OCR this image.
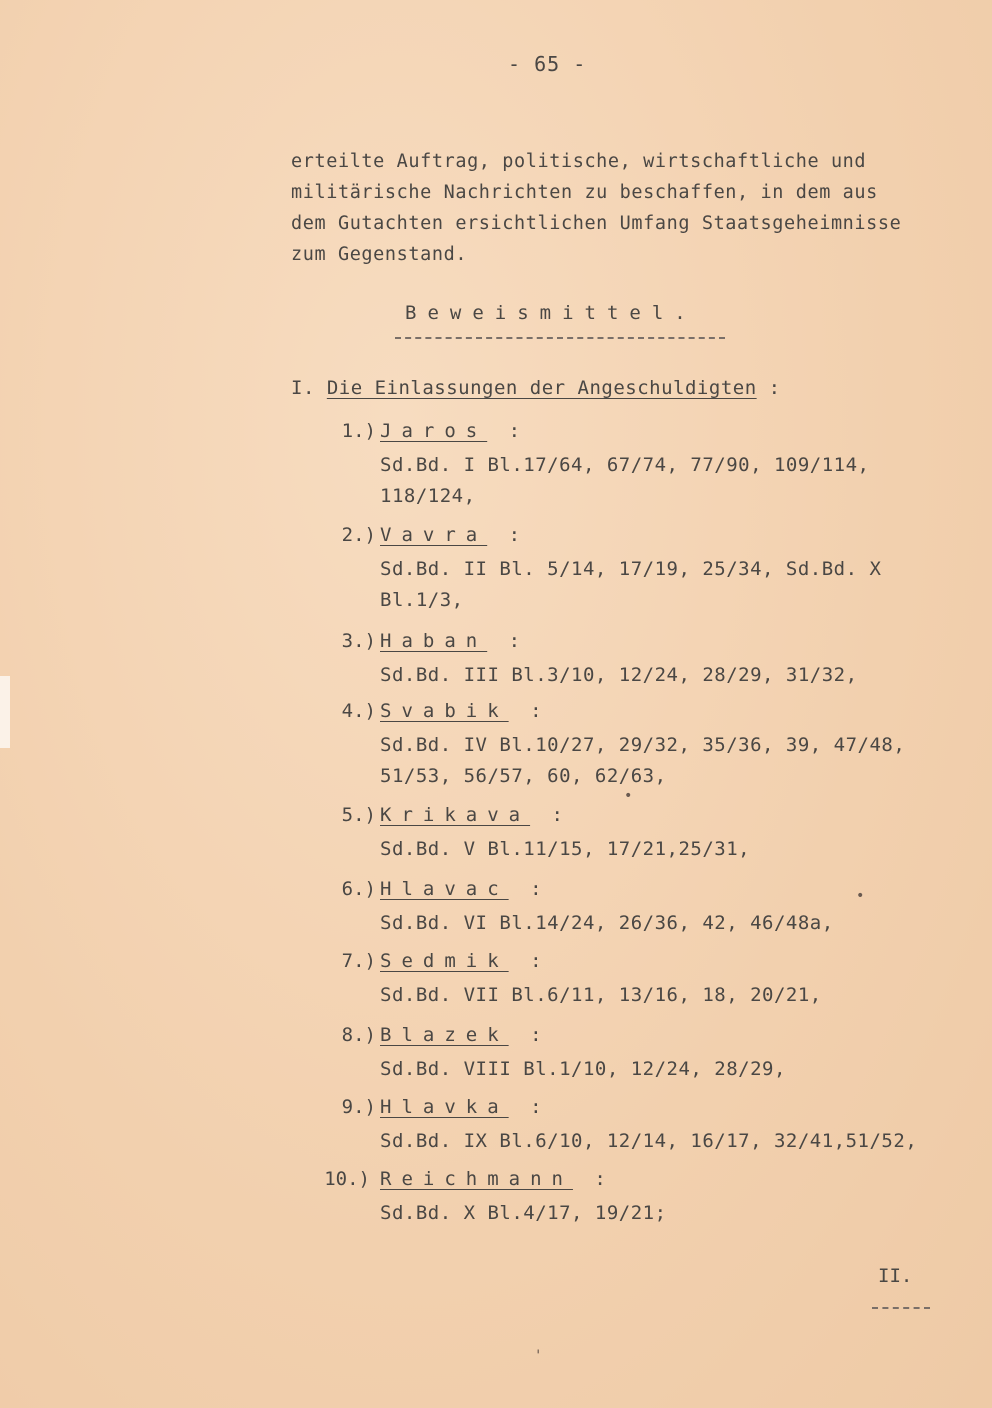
- 65 -
erteilte Auftrag, politische, wirtschaftliche und
militärische Nachrichten zu beschaffen, in dem aus
dem Gutachten ersichtlichen Umfang Staatsgeheimnisse
zum Gegenstand.
Beweismittel.
I. Die Einlassungen der Angeschuldigten :
1.) Jaros :
Sd.Bd. I Bl.17/64, 67/74, 77/90, 109/114,
118/124,
2.) Vavra :
Sd.Bd. II Bl. 5/14, 17/19, 25/34, Sd.Bd. X
Bl.1/3,
3.) Haban :
Sd.Bd. III Bl.3/10, 12/24, 28/29, 31/32,
4.) Svabik :
Sd.Bd. IV Bl.10/27, 29/32, 35/36, 39, 47/48,
51/53, 56/57, 60, 62/63,
5.) Krikava :
Sd.Bd. V Bl.11/15, 17/21,25/31,
6.) Hlavac :
Sd.Bd. VI Bl.14/24, 26/36, 42, 46/48a,
7.) Sedmik :
Sd.Bd. VII Bl.6/11, 13/16, 18, 20/21,
8.) Blazek :
Sd.Bd. VIII Bl.1/10, 12/24, 28/29,
9.) Hlavka :
Sd.Bd. IX Bl.6/10, 12/14, 16/17, 32/41,51/52,
10.) Reichmann :
Sd.Bd. X Bl.4/17, 19/21;
II.
•
•
'
